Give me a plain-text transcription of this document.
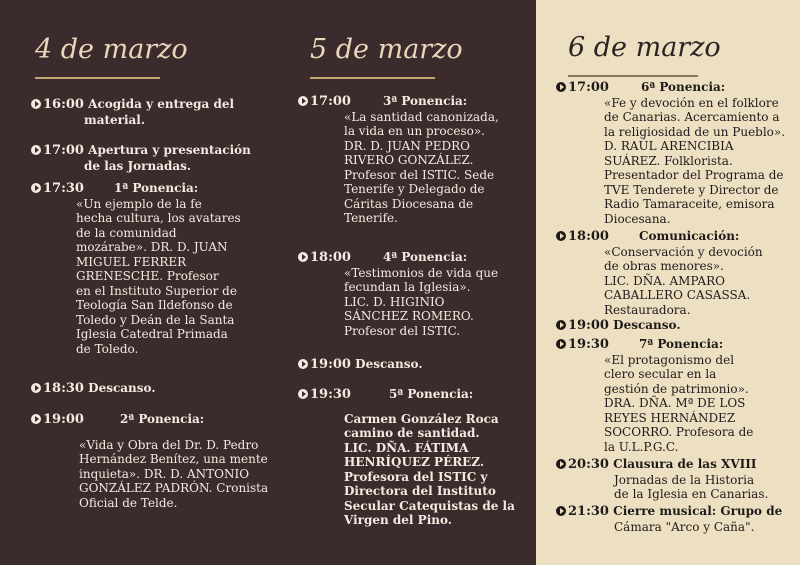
4 de marzo
16:00 Acogida y entrega del
material.
17:00 Apertura y presentación
de las Jornadas.
17:30	1ª Ponencia:
«Un ejemplo de la fe
hecha cultura, los avatares
de la comunidad
mozárabe». DR. D. JUAN
MIGUEL FERRER
GRENESCHE. Profesor
en el Instituto Superior de
Teología San Ildefonso de
Toledo y Deán de la Santa
Iglesia Catedral Primada
de Toledo.
18:30 Descanso.
19:00	2ª Ponencia:
«Vida y Obra del Dr. D. Pedro
Hernández Benítez, una mente
inquieta». DR. D. ANTONIO
GONZÁLEZ PADRÓN. Cronista
Oficial de Telde.
5 de marzo
17:00	3ª Ponencia:
«La santidad canonizada,
la vida en un proceso».
DR. D. JUAN PEDRO
RIVERO GONZÁLEZ.
Profesor del ISTIC. Sede
Tenerife y Delegado de
Cáritas Diocesana de
Tenerife.
18:00	4ª Ponencia:
«Testimonios de vida que
fecundan la Iglesia».
LIC. D. HIGINIO
SÁNCHEZ ROMERO.
Profesor del ISTIC.
19:00 Descanso.
19:30	5ª Ponencia:
Carmen González Roca
camino de santidad.
LIC. DÑA. FÁTIMA
HENRÍQUEZ PÉREZ.
Profesora del ISTIC y
Directora del Instituto
Secular Catequistas de la
Virgen del Pino.
6 de marzo
17:00	6ª Ponencia:
«Fe y devoción en el folklore
de Canarias. Acercamiento a
la religiosidad de un Pueblo».
D. RAÚL ARENCIBIA
SUÁREZ. Folklorista.
Presentador del Programa de
TVE Tenderete y Director de
Radio Tamaraceite, emisora
Diocesana.
18:00	Comunicación:
«Conservación y devoción
de obras menores».
LIC. DÑA. AMPARO
CABALLERO CASASSA.
Restauradora.
19:00 Descanso.
19:30	7ª Ponencia:
«El protagonismo del
clero secular en la
gestión de patrimonio».
DRA. DÑA. Mª DE LOS
REYES HERNÁNDEZ
SOCORRO. Profesora de
la U.L.P.G.C.
20:30 Clausura de las XVIII
Jornadas de la Historia
de la Iglesia en Canarias.
21:30 Cierre musical: Grupo de
Cámara "Arco y Caña".
